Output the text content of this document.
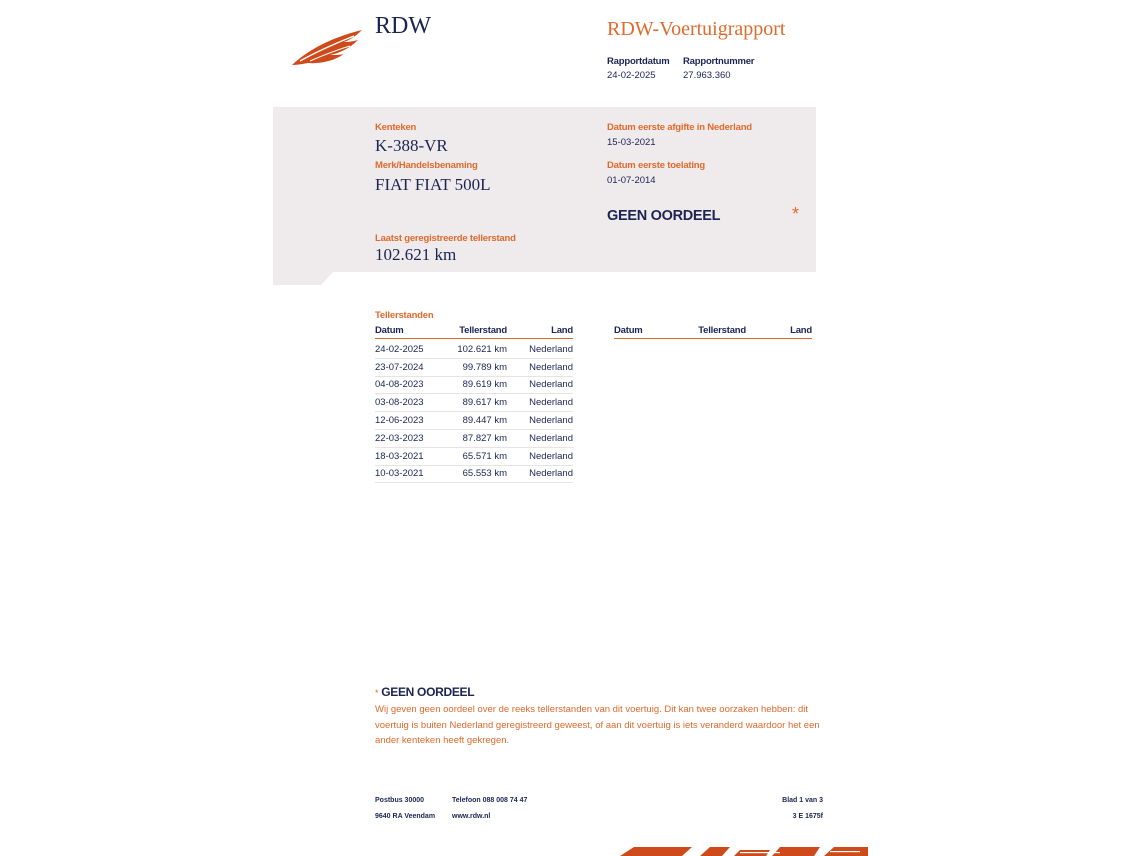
RDW	RDW-Voertuigrapport
Rapportdatum Rapportnummer
24-02-2025	27.963.360
Kenteken
K-388-VR
Merk/Handelsbenaming
FIAT FIAT 500L
Datum eerste afgifte in Nederland
15-03-2021
Datum eerste toelating
01-07-2014
GEEN OORDEEL	*
Laatst geregistreerde tellerstand
102.621 km
Tellerstanden
Datum	Tellerstand	Land
24-02-2025	102.621 km	Nederland
23-07-2024	99.789 km	Nederland
04-08-2023	89.619 km	Nederland
03-08-2023	89.617 km	Nederland
12-06-2023	89.447 km	Nederland
22-03-2023	87.827 km	Nederland
18-03-2021	65.571 km	Nederland
10-03-2021	65.553 km	Nederland
Datum	Tellerstand	Land
* GEEN OORDEEL
Wij geven geen oordeel over de reeks tellerstanden van dit voertuig. Dit kan twee oorzaken hebben: dit voertuig is buiten Nederland geregistreerd geweest, of aan dit voertuig is iets veranderd waardoor het een ander kenteken heeft gekregen.
Postbus 30000
9640 RA Veendam
Telefoon 088 008 74 47
www.rdw.nl
Blad 1 van 3
3 E 1675f
